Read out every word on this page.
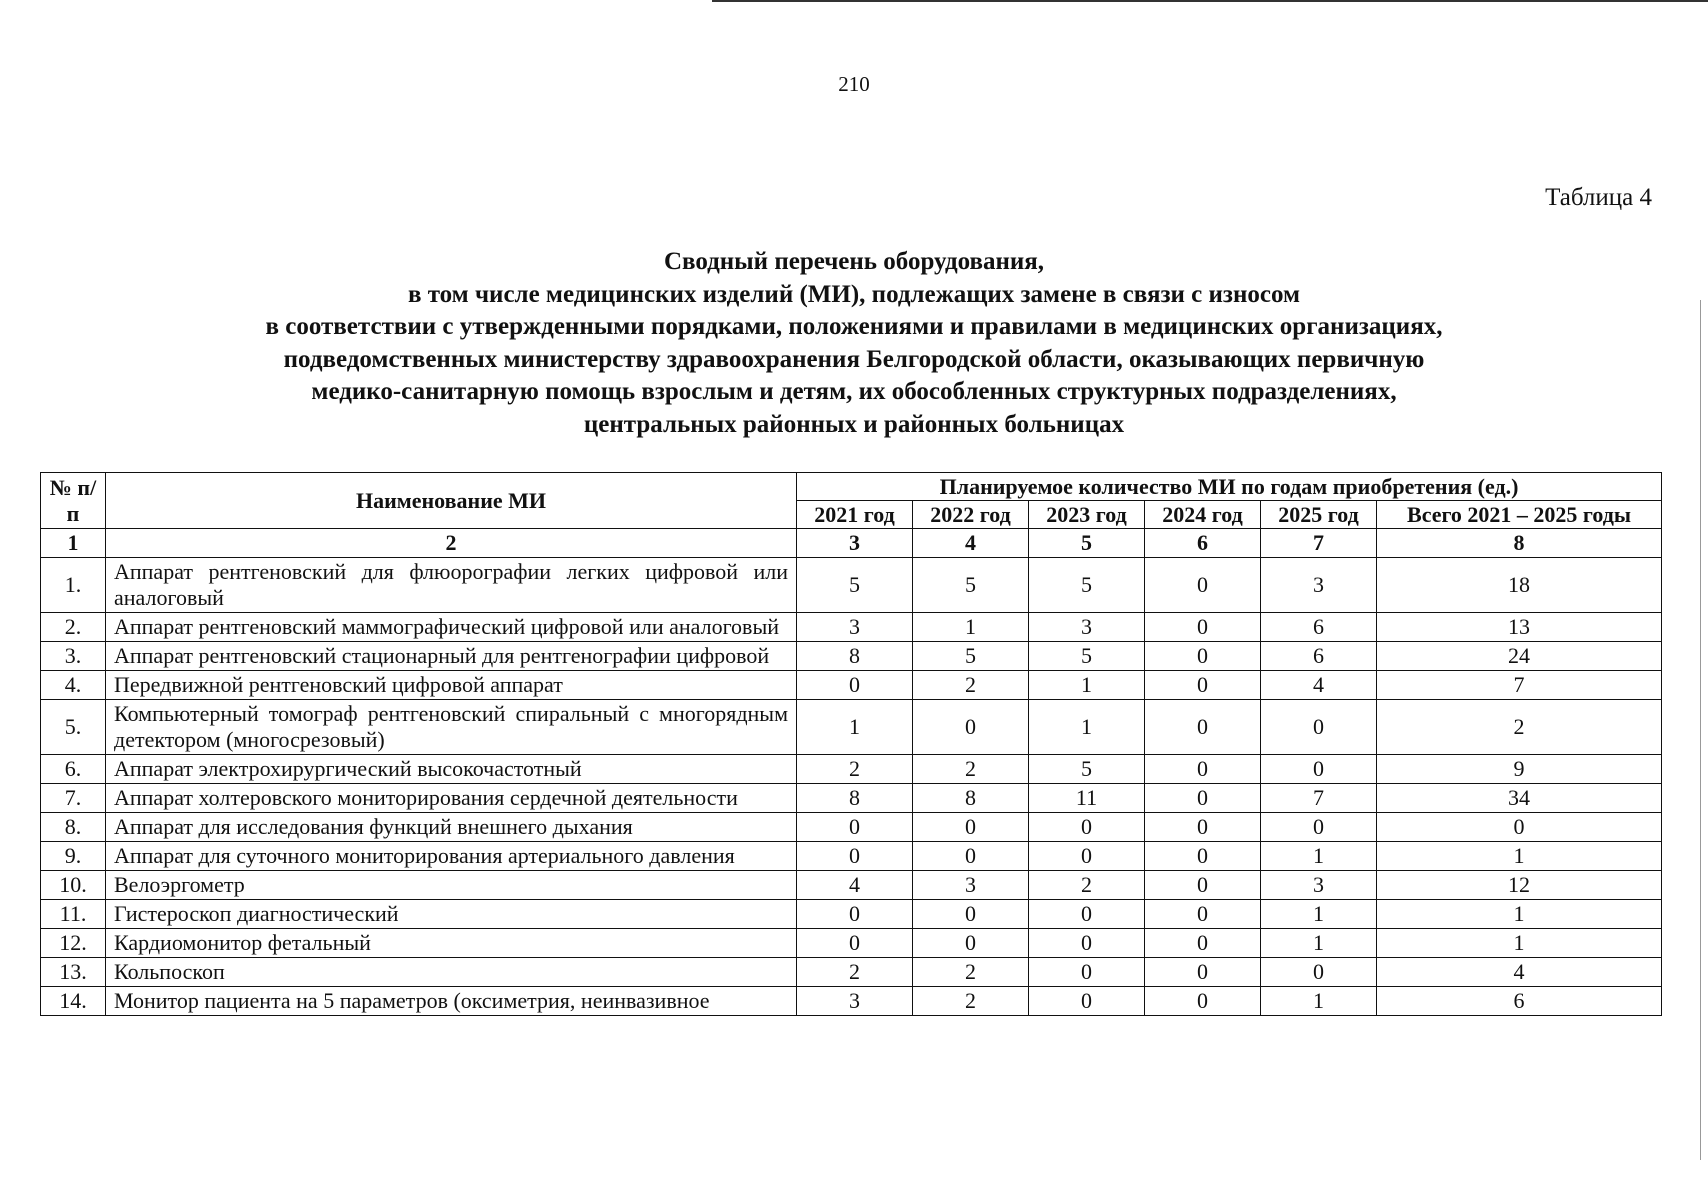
210
Таблица 4
Сводный перечень оборудования,
в том числе медицинских изделий (МИ), подлежащих замене в связи с износом
в соответствии с утвержденными порядками, положениями и правилами в медицинских организациях,
подведомственных министерству здравоохранения Белгородской области, оказывающих первичную
медико-санитарную помощь взрослым и детям, их обособленных структурных подразделениях,
центральных районных и районных больницах
№ п/п	Наименование МИ	Планируемое количество МИ по годам приобретения (ед.)					
		2021 год	2022 год	2023 год	2024 год	2025 год	Всего 2021 – 2025 годы
1	2	3	4	5	6	7	8
1.	Аппарат рентгеновский для флюорографии легких цифровой или аналоговый	5	5	5	0	3	18
2.	Аппарат рентгеновский маммографический цифровой или аналоговый	3	1	3	0	6	13
3.	Аппарат рентгеновский стационарный для рентгенографии цифровой	8	5	5	0	6	24
4.	Передвижной рентгеновский цифровой аппарат	0	2	1	0	4	7
5.	Компьютерный томограф рентгеновский спиральный с многорядным детектором (многосрезовый)	1	0	1	0	0	2
6.	Аппарат электрохирургический высокочастотный	2	2	5	0	0	9
7.	Аппарат холтеровского мониторирования сердечной деятельности	8	8	11	0	7	34
8.	Аппарат для исследования функций внешнего дыхания	0	0	0	0	0	0
9.	Аппарат для суточного мониторирования артериального давления	0	0	0	0	1	1
10.	Велоэргометр	4	3	2	0	3	12
11.	Гистероскоп диагностический	0	0	0	0	1	1
12.	Кардиомонитор фетальный	0	0	0	0	1	1
13.	Кольпоскоп	2	2	0	0	0	4
14.	Монитор пациента на 5 параметров (оксиметрия, неинвазивное	3	2	0	0	1	6
